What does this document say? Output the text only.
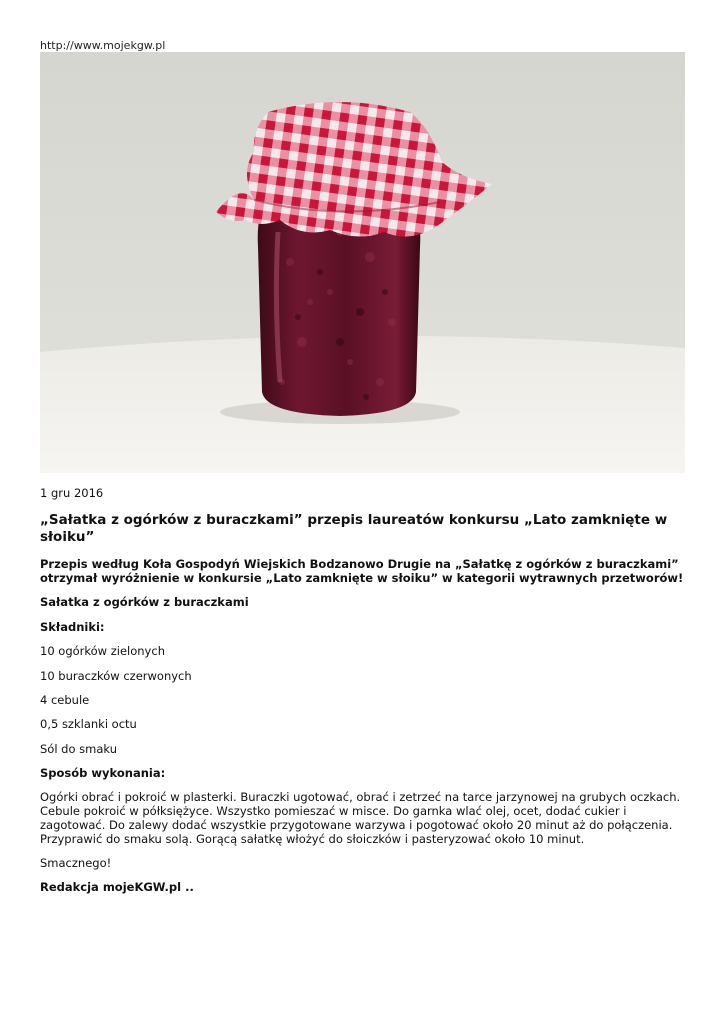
http://www.mojekgw.pl
1 gru 2016
„Sałatka z ogórków z buraczkami” przepis laureatów konkursu „Lato zamknięte w słoiku”

Przepis według Koła Gospodyń Wiejskich Bodzanowo Drugie na „Sałatkę z ogórków z buraczkami” otrzymał wyróżnienie w konkursie „Lato zamknięte w słoiku” w kategorii wytrawnych przetworów!

Sałatka z ogórków z buraczkami

Składniki:

10 ogórków zielonych

10 buraczków czerwonych

4 cebule

0,5 szklanki octu

Sól do smaku

Sposób wykonania:

Ogórki obrać i pokroić w plasterki. Buraczki ugotować, obrać i zetrzeć na tarce jarzynowej na grubych oczkach. Cebule pokroić w półksiężyce. Wszystko pomieszać w misce. Do garnka wlać olej, ocet, dodać cukier i zagotować. Do zalewy dodać wszystkie przygotowane warzywa i pogotować około 20 minut aż do połączenia. Przyprawić do smaku solą. Gorącą sałatkę włożyć do słoiczków i pasteryzować około 10 minut.

Smacznego!

Redakcja mojeKGW.pl ..
